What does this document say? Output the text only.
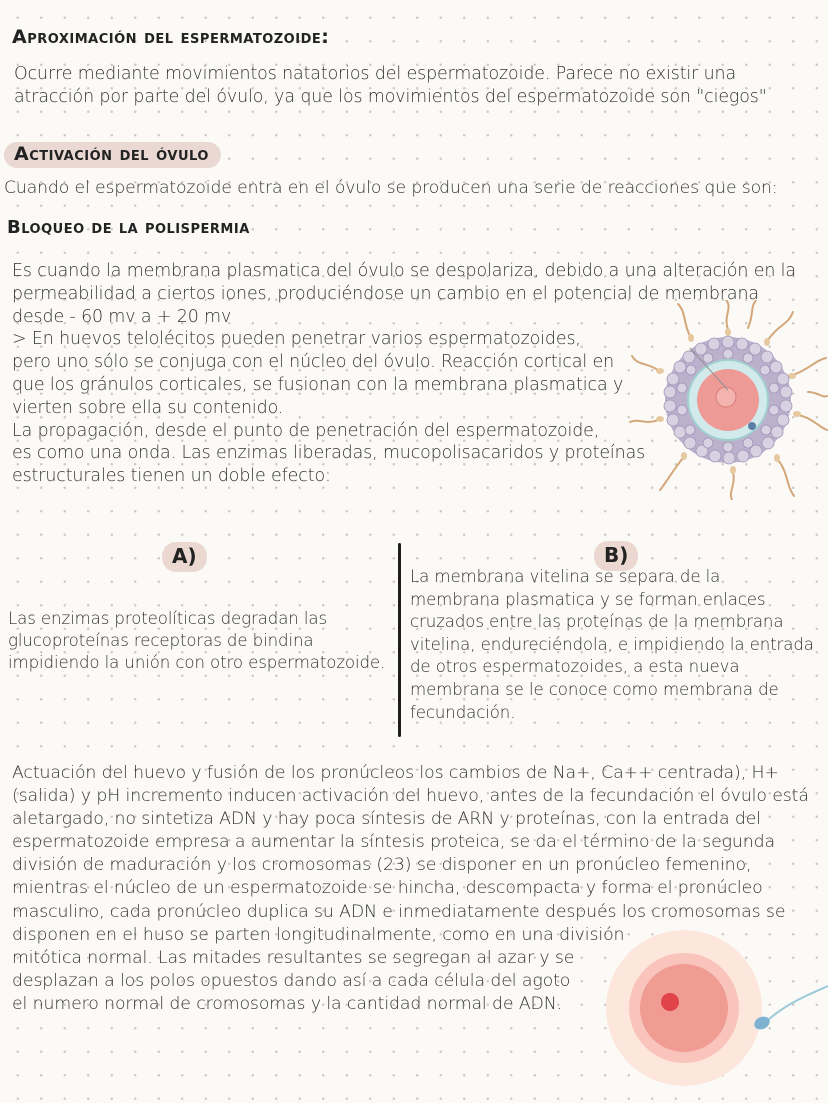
Aproximación del espermatozoide:
Ocurre mediante movimientos natatorios del espermatozoide. Parece no existir una
atracción por parte del óvulo, ya que los movimientos del espermatozoide son "ciegos"
Activación del óvulo
Cuando el espermatozoide entra en el óvulo se producen una serie de reacciones que son:
Bloqueo de la polispermia
Es cuando la membrana plasmatica del óvulo se despolariza, debido a una alteración en la
permeabilidad a ciertos iones, produciéndose un cambio en el potencial de membrana
desde - 60 mv a + 20 mv
> En huevos telolécitos pueden penetrar varios espermatozoides,
pero uno sólo se conjuga con el núcleo del óvulo. Reacción cortical en
que los gránulos corticales, se fusionan con la membrana plasmatica y
vierten sobre ella su contenido.
La propagación, desde el punto de penetración del espermatozoide,
es como una onda. Las enzimas liberadas, mucopolisacaridos y proteínas
estructurales tienen un doble efecto:
A)
Las enzimas proteolíticas degradan las
glucoproteínas receptoras de bindina
impidiendo la unión con otro espermatozoide.
B)
La membrana vitelina se separa de la
membrana plasmatica y se forman enlaces
cruzados entre las proteínas de la membrana
vitelina, endureciéndola, e impidiendo la entrada
de otros espermatozoides, a esta nueva
membrana se le conoce como membrana de
fecundación.
Actuación del huevo y fusión de los pronúcleos los cambios de Na+, Ca++ centrada), H+
(salida) y pH incremento inducen activación del huevo, antes de la fecundación el óvulo está
aletargado, no sintetiza ADN y hay poca síntesis de ARN y proteínas, con la entrada del
espermatozoide empresa a aumentar la síntesis proteica, se da el término de la segunda
división de maduración y los cromosomas (23) se disponer en un pronúcleo femenino,
mientras el núcleo de un espermatozoide se hincha, descompacta y forma el pronúcleo
masculino, cada pronúcleo duplica su ADN e inmediatamente después los cromosomas se
disponen en el huso se parten longitudinalmente, como en una división
mitótica normal. Las mitades resultantes se segregan al azar y se
desplazan a los polos opuestos dando así a cada célula del agoto
el numero normal de cromosomas y la cantidad normal de ADN.
